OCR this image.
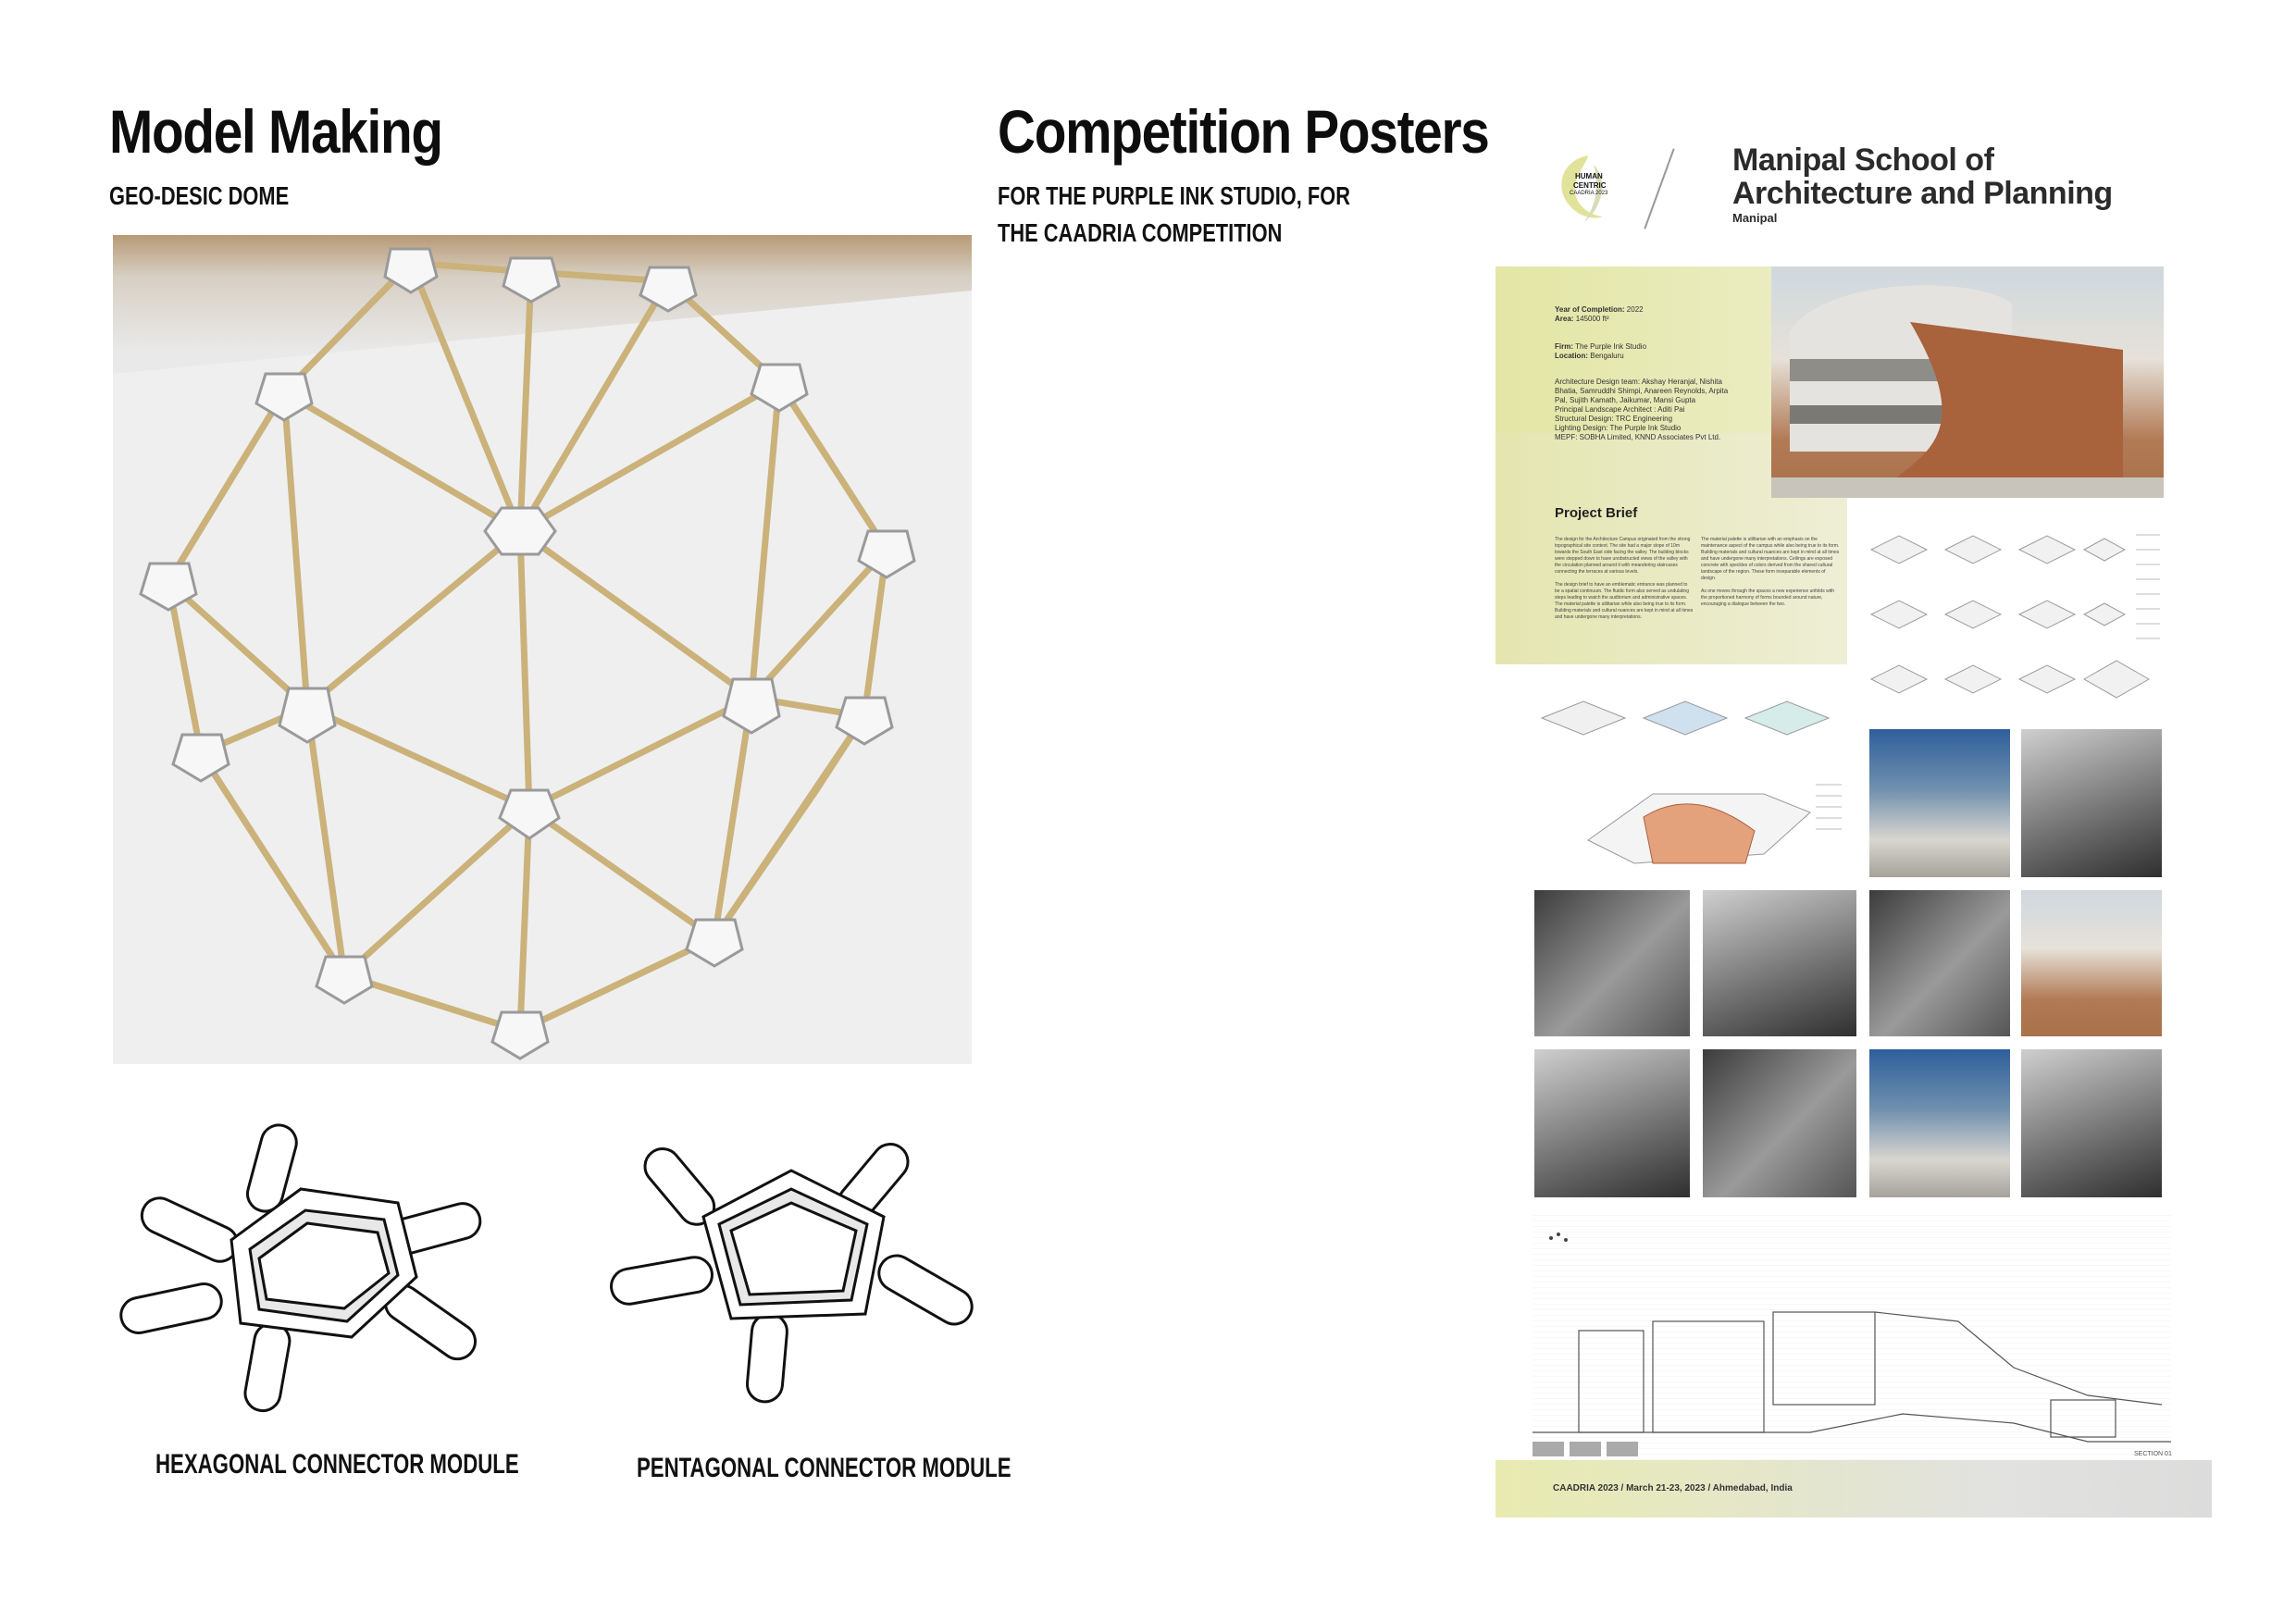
Model Making
GEO-DESIC DOME
HEXAGONAL CONNECTOR MODULE	PENTAGONAL CONNECTOR MODULE
Competition Posters
FOR THE PURPLE INK STUDIO, FOR
THE CAADRIA COMPETITION
HUMAN
CENTRIC
CAADRIA 2023
Manipal School of
Architecture and Planning
Manipal
Year of Completion: 2022
Area: 145000 ft²
Firm: The Purple Ink Studio
Location: Bengaluru
Architecture Design team: Akshay Heranjal, Nishita Bhatia, Samruddhi Shimpi, Anareen Reynolds, Arpita Pal, Sujith Kamath, Jaikumar, Mansi Gupta
Principal Landscape Architect : Aditi Pai
Structural Design: TRC Engineering
Lighting Design: The Purple Ink Studio
MEPF: SOBHA Limited, KNND Associates Pvt Ltd.
Project Brief
The design for the Architecture Campus originated from the strong topographical site context. The site had a major slope of 10m towards the South East side facing the valley. The building blocks were stepped down to have unobstructed views of the valley with the circulation planned around it with meandering staircases connecting the terraces at various levels.

The design brief to have an emblematic entrance was planned to be a spatial continuum. The fluidic form also served as undulating steps leading to watch the auditorium and administrative spaces. The material palette is utilitarian while also being true to its form. Building materials and cultural nuances are kept in mind at all times and have undergone many interpretations.
The material palette is utilitarian with an emphasis on the maintenance aspect of the campus while also being true to its form. Building materials and cultural nuances are kept in mind at all times and have undergone many interpretations. Ceilings are exposed concrete with speckles of colors derived from the shared cultural landscape of the region. These form inseparable elements of design.

As one moves through the spaces a new experience unfolds with the proportioned harmony of forms bounded around nature, encouraging a dialogue between the two.
SECTION 01
CAADRIA 2023 / March 21-23, 2023 / Ahmedabad, India
